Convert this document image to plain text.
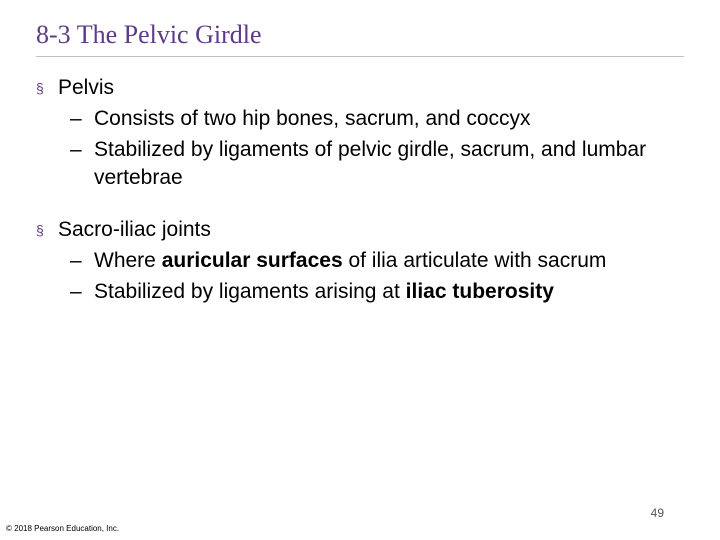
8-3 The Pelvic Girdle

§ Pelvis

– Consists of two hip bones, sacrum, and coccyx

– Stabilized by ligaments of pelvic girdle, sacrum, and lumbar vertebrae

§ Sacro-iliac joints

– Where auricular surfaces of ilia articulate with sacrum

– Stabilized by ligaments arising at iliac tuberosity

49
© 2018 Pearson Education, Inc.
